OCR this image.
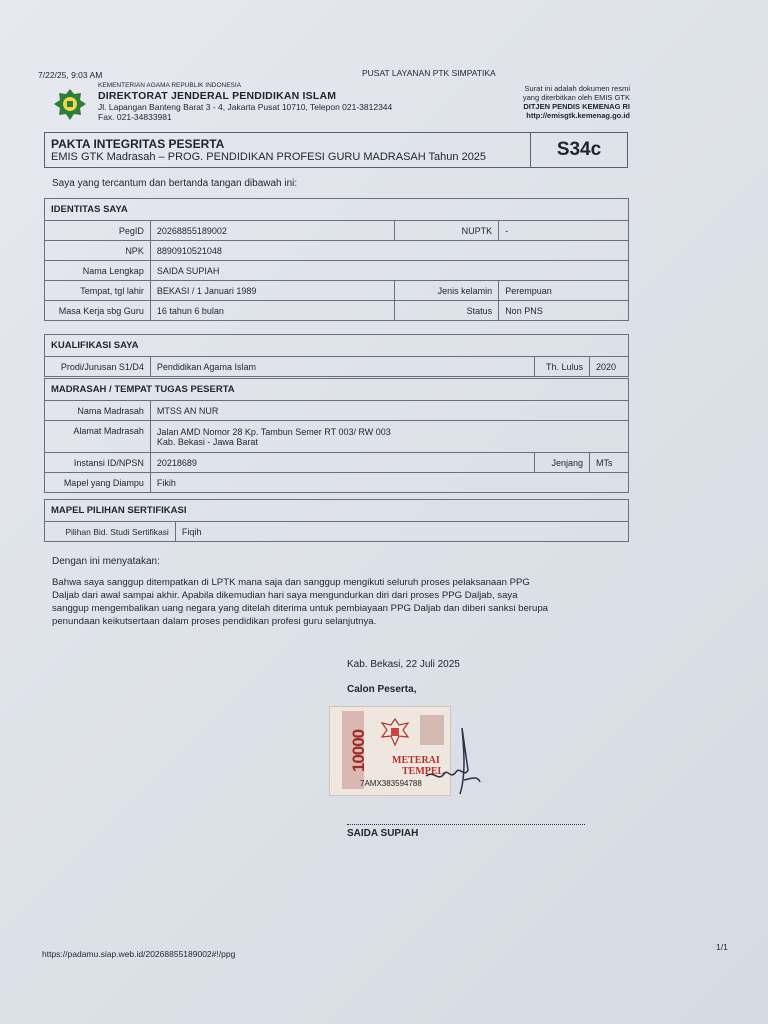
7/22/25, 9:03 AM	PUSAT LAYANAN PTK SIMPATIKA
KEMENTERIAN AGAMA REPUBLIK INDONESIA
DIREKTORAT JENDERAL PENDIDIKAN ISLAM
Jl. Lapangan Banteng Barat 3 - 4, Jakarta Pusat 10710, Telepon 021-3812344
Fax. 021-34833981
Surat ini adalah dokumen resmi
yang diterbitkan oleh EMIS GTK
DITJEN PENDIS KEMENAG RI
http://emisgtk.kemenag.go.id
PAKTA INTEGRITAS PESERTA
EMIS GTK Madrasah – PROG. PENDIDIKAN PROFESI GURU MADRASAH Tahun 2025	S34c
Saya yang tercantum dan bertanda tangan dibawah ini:
IDENTITAS SAYA			
PegID	20268855189002	NUPTK	-
NPK	8890910521048		
Nama Lengkap	SAIDA SUPIAH		
Tempat, tgl lahir	BEKASI / 1 Januari 1989	Jenis kelamin	Perempuan
Masa Kerja sbg Guru	16 tahun 6 bulan	Status	Non PNS
KUALIFIKASI SAYA
Prodi/Jurusan S1/D4	Pendidikan Agama Islam	Th. Lulus	2020
MADRASAH / TEMPAT TUGAS PESERTA			
Nama Madrasah	MTSS AN NUR		
Alamat Madrasah	Jalan AMD Nomor 28 Kp. Tambun Semer RT 003/ RW 003
Kab. Bekasi - Jawa Barat		

Instansi ID/NPSN	20218689	Jenjang	MTs
Mapel yang Diampu	Fikih		
MAPEL PILIHAN SERTIFIKASI
Pilihan Bid. Studi Sertifikasi	Fiqih
Dengan ini menyatakan:
Bahwa saya sanggup ditempatkan di LPTK mana saja dan sanggup mengikuti seluruh proses pelaksanaan PPG
Daljab dari awal sampai akhir. Apabila dikemudian hari saya mengundurkan diri dari proses PPG Daljab, saya
sanggup mengembalikan uang negara yang ditelah diterima untuk pembiayaan PPG Daljab dan diberi sanksi berupa
penundaan keikutsertaan dalam proses pendidikan profesi guru selanjutnya.
Kab. Bekasi, 22 Juli 2025
Calon Peserta,
10000 METERAI
TEMPEL
7AMX383594788
SAIDA SUPIAH
https://padamu.siap.web.id/20268855189002#!/ppg
1/1
